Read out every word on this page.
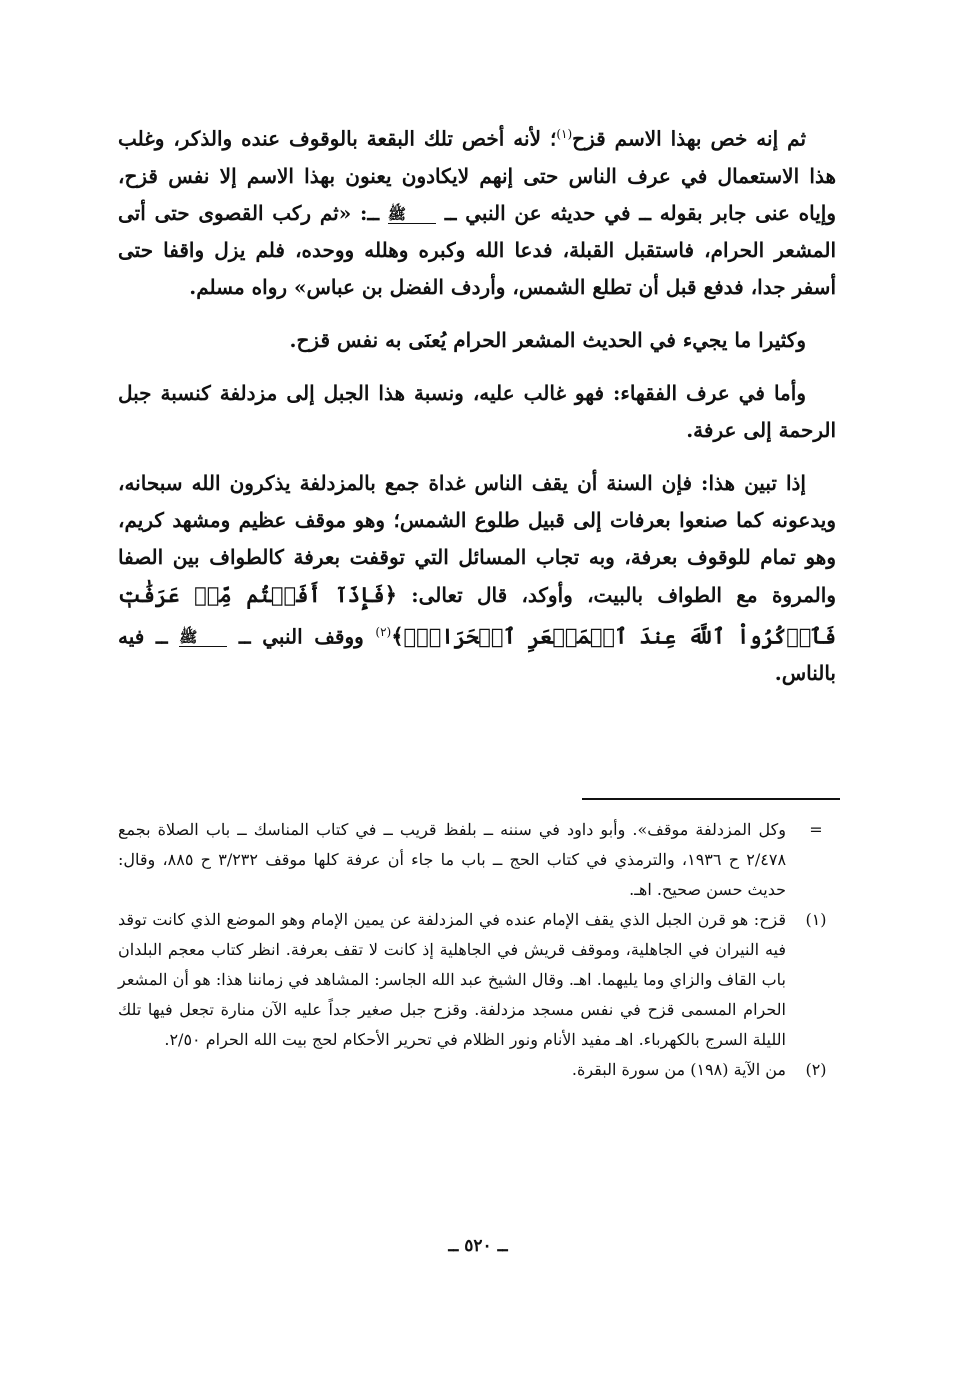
ثم إنه خص بهذا الاسم قزح$^{(١)}$؛ لأنه أخص تلك البقعة بالوقوف عنده والذكر، وغلب هذا الاستعمال في عرف الناس حتى إنهم لايكادون يعنون بهذا الاسم إلا نفس قزح، وإياه عنى جابر بقوله ــ في حديثه عن النبي ــ ﷺ ــ: «ثم ركب القصوى حتى أتى المشعر الحرام، فاستقبل القبلة، فدعا الله وكبره وهلله ووحده، فلم يزل واقفا حتى أسفر جدا، فدفع قبل أن تطلع الشمس، وأردف الفضل بن عباس» رواه مسلم.

وكثيرا ما يجيء في الحديث المشعر الحرام يُعنَى به نفس قزح.

وأما في عرف الفقهاء: فهو غالب عليه، ونسبة هذا الجبل إلى مزدلفة كنسبة جبل الرحمة إلى عرفة.

إذا تبين هذا: فإن السنة أن يقف الناس غداة جمع بالمزدلفة يذكرون الله سبحانه، ويدعونه كما صنعوا بعرفات إلى قبيل طلوع الشمس؛ وهو موقف عظيم ومشهد كريم، وهو تمام للوقوف بعرفة، وبه تجاب المسائل التي توقفت بعرفة كالطواف بين الصفا والمروة مع الطواف بالبيت، وأوكد، قال تعالى: ﴿فَإِذَآ أَفَضۡتُم مِّنۡ عَرَفَٰتٖ فَٱذۡكُرُواْ ٱللَّهَ عِندَ ٱلۡمَشۡعَرِ ٱلۡحَرَامِۖ﴾$^{(٢)}$ ووقف النبي ــ ﷺ ــ فيه بالناس.

=
وكل المزدلفة موقف». وأبو داود في سننه ــ بلفظ قريب ــ في كتاب المناسك ــ باب الصلاة بجمع ٢/٤٧٨ ح ١٩٣٦، والترمذي في كتاب الحج ــ باب ما جاء أن عرفة كلها موقف ٣/٢٣٢ ح ٨٨٥، وقال: حديث حسن صحيح. اهـ.

(١)
قزح: هو قرن الجبل الذي يقف الإمام عنده في المزدلفة عن يمين الإمام وهو الموضع الذي كانت توقد فيه النيران في الجاهلية، وموقف قريش في الجاهلية إذ كانت لا تقف بعرفة. انظر كتاب معجم البلدان باب القاف والزاي وما يليهما. اهـ. وقال الشيخ عبد الله الجاسر: المشاهد في زماننا هذا: هو أن المشعر الحرام المسمى قزح في نفس مسجد مزدلفة. وقزح جبل صغير جداً عليه الآن منارة تجعل فيها تلك الليلة السرج بالكهرباء. اهـ مفيد الأنام ونور الظلام في تحرير الأحكام لحج بيت الله الحرام ٢/٥٠.

(٢)
من الآية (١٩٨) من سورة البقرة.

ــ ٥٢٠ ــ
